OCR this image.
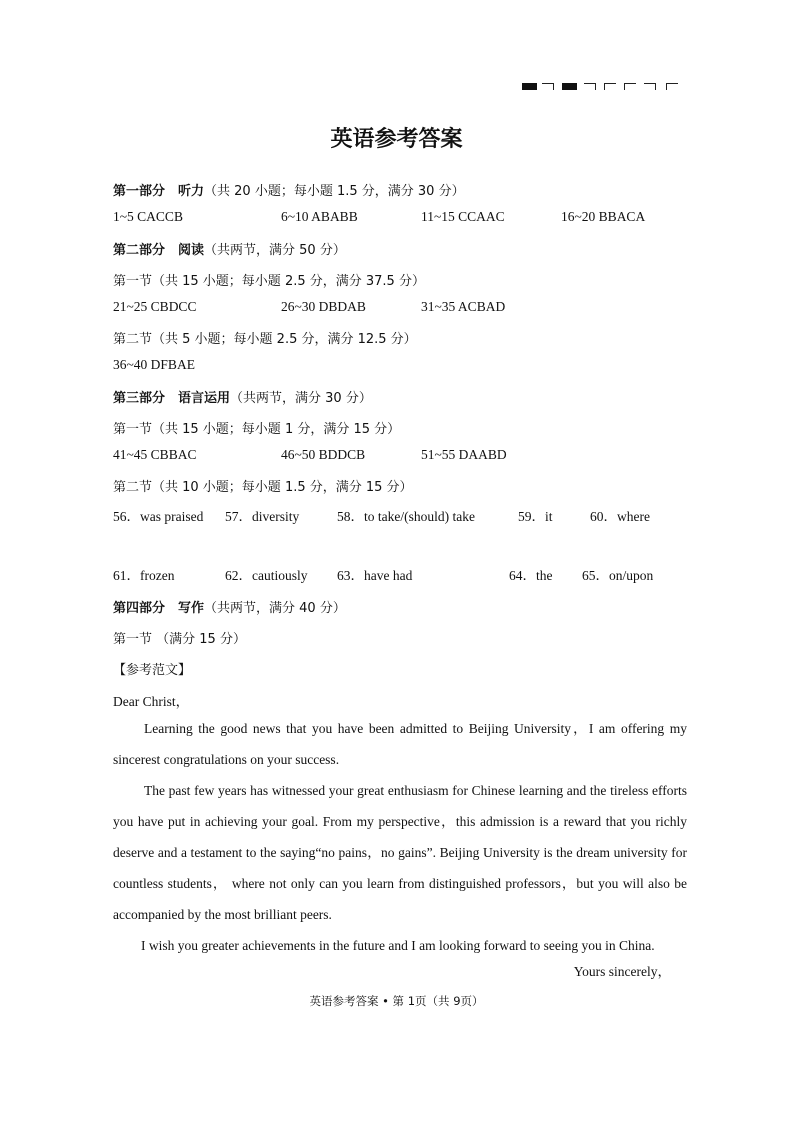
英语参考答案
第一部分　听力（共 20 小题；每小题 1.5 分，满分 30 分）
1~5 CACCB	6~10 ABABB	11~15 CCAAC	16~20 BBACA
第二部分　阅读（共两节，满分 50 分）
第一节（共 15 小题；每小题 2.5 分，满分 37.5 分）
21~25 CBDCC	26~30 DBDAB	31~35 ACBAD
第二节（共 5 小题；每小题 2.5 分，满分 12.5 分）
36~40 DFBAE
第三部分　语言运用（共两节，满分 30 分）
第一节（共 15 小题；每小题 1 分，满分 15 分）
41~45 CBBAC	46~50 BDDCB	51~55 DAABD
第二节（共 10 小题；每小题 1.5 分，满分 15 分）
56．was praised 57．diversity	58．to take/(should) take	59．it	60．where
61．frozen	62．cautiously 63．have had	64．the 65．on/upon
第四部分　写作（共两节，满分 40 分）
第一节 （满分 15 分）
【参考范文】
Dear Christ，

Learning the good news that you have been admitted to Beijing University，I am offering my sincerest congratulations on your success.

The past few years has witnessed your great enthusiasm for Chinese learning and the tireless efforts you have put in achieving your goal. From my perspective，this admission is a reward that you richly deserve and a testament to the saying“no pains，no gains”. Beijing University is the dream university for countless students， where not only can you learn from distinguished professors，but you will also be accompanied by the most brilliant peers.

I wish you greater achievements in the future and I am looking forward to seeing you in China.

Yours sincerely，
英语参考答案 • 第 1页（共 9页）
